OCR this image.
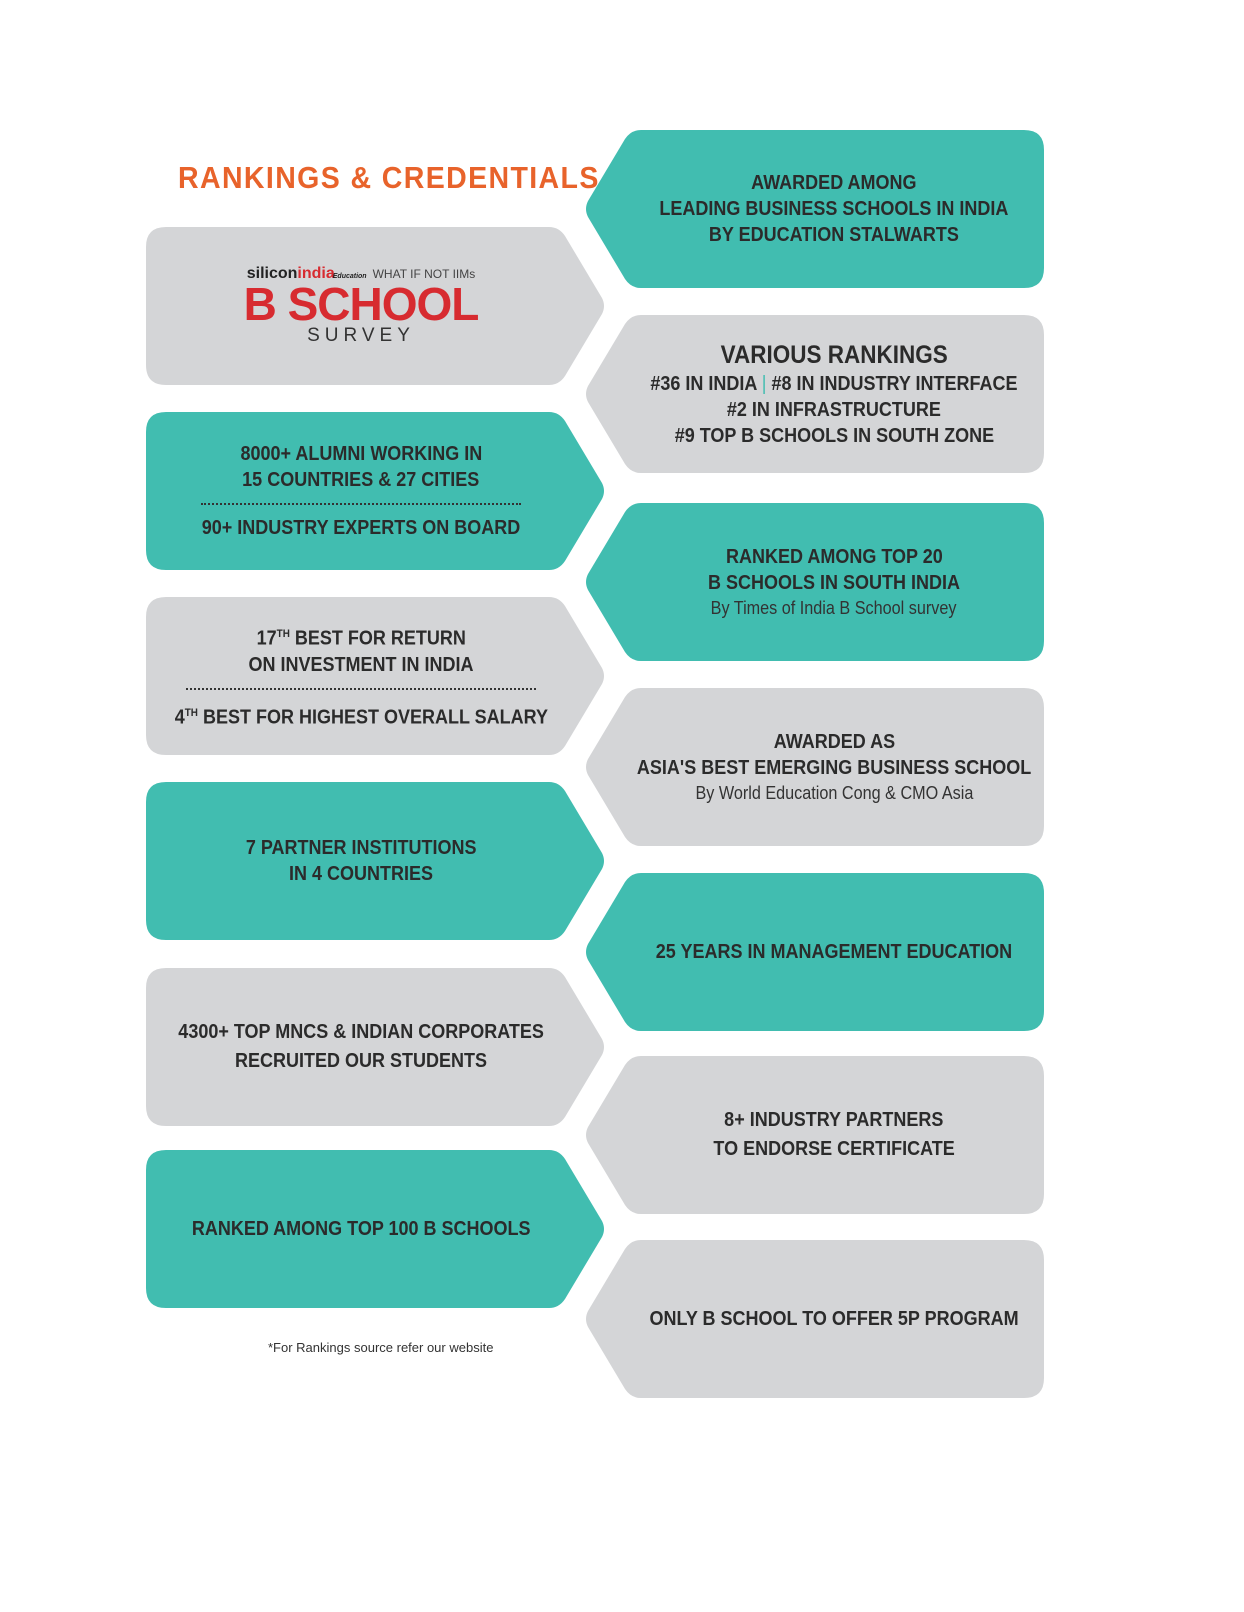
RANKINGS & CREDENTIALS
siliconindiaEducation WHAT IF NOT IIMs
B SCHOOL
SURVEY
8000+ ALUMNI WORKING IN
15 COUNTRIES & 27 CITIES
90+ INDUSTRY EXPERTS ON BOARD
17TH BEST FOR RETURN
ON INVESTMENT IN INDIA
4TH BEST FOR HIGHEST OVERALL SALARY
7 PARTNER INSTITUTIONS
IN 4 COUNTRIES
4300+ TOP MNCS & INDIAN CORPORATES
RECRUITED OUR STUDENTS
RANKED AMONG TOP 100 B SCHOOLS
*For Rankings source refer our website
AWARDED AMONG
LEADING BUSINESS SCHOOLS IN INDIA
BY EDUCATION STALWARTS
VARIOUS RANKINGS
#36 IN INDIA | #8 IN INDUSTRY INTERFACE
#2 IN INFRASTRUCTURE
#9 TOP B SCHOOLS IN SOUTH ZONE
RANKED AMONG TOP 20
B SCHOOLS IN SOUTH INDIA
By Times of India B School survey
AWARDED AS
ASIA'S BEST EMERGING BUSINESS SCHOOL
By World Education Cong & CMO Asia
25 YEARS IN MANAGEMENT EDUCATION
8+ INDUSTRY PARTNERS
TO ENDORSE CERTIFICATE
ONLY B SCHOOL TO OFFER 5P PROGRAM
